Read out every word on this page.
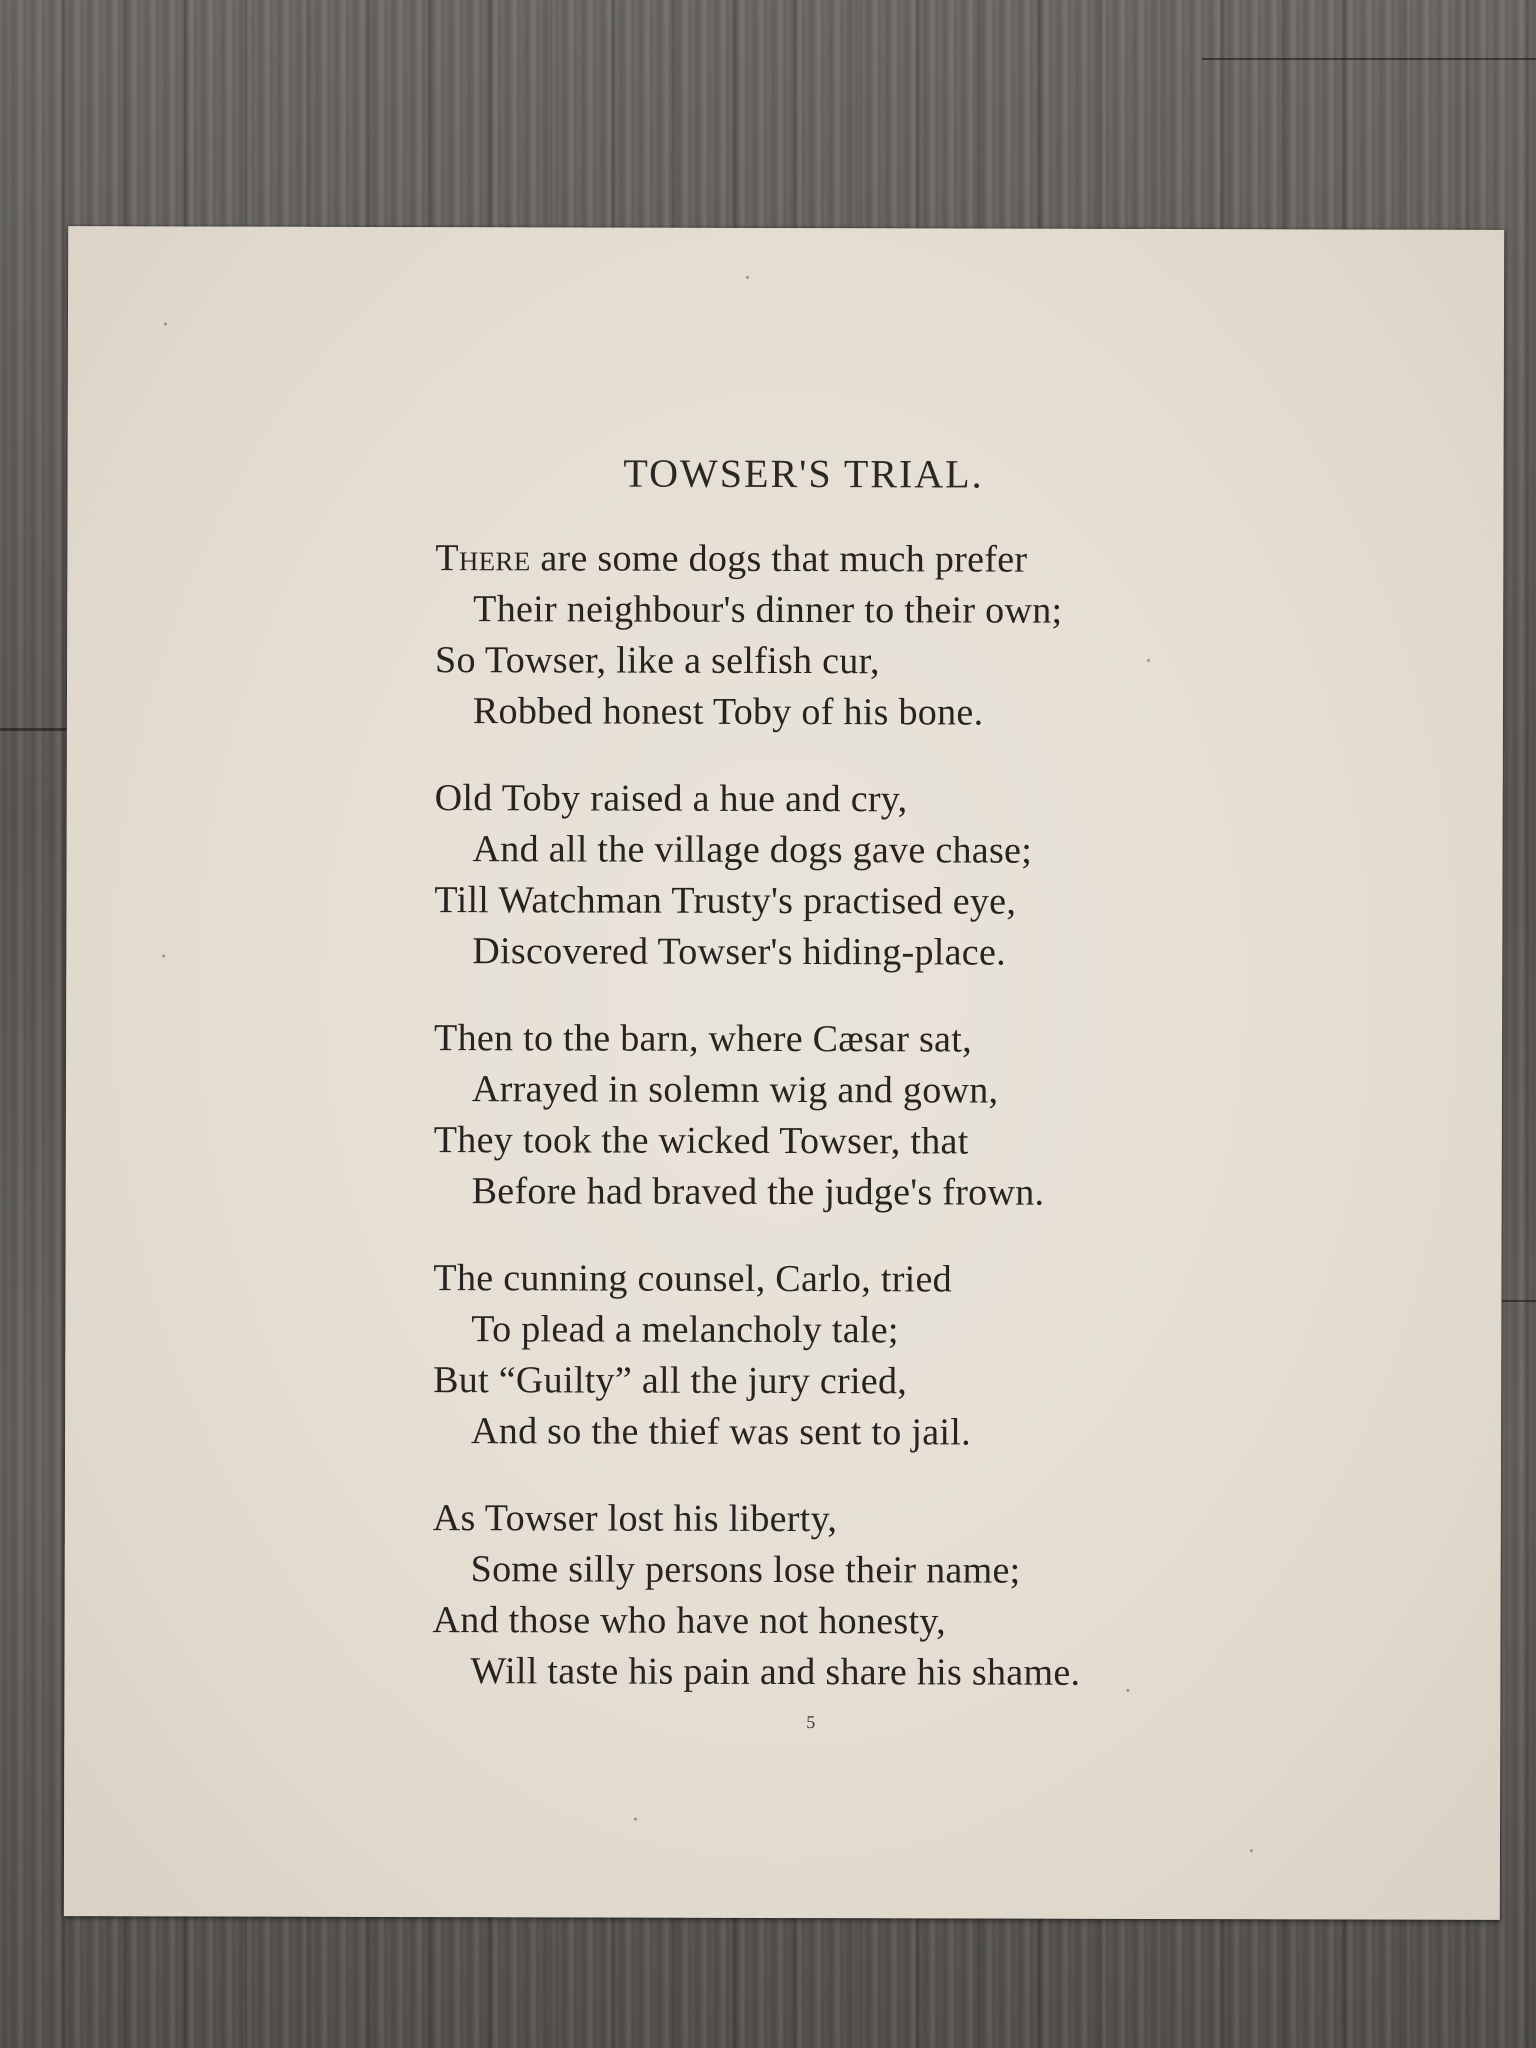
TOWSER'S TRIAL.
There are some dogs that much prefer
Their neighbour's dinner to their own;
So Towser, like a selfish cur,
Robbed honest Toby of his bone.
Old Toby raised a hue and cry,
And all the village dogs gave chase;
Till Watchman Trusty's practised eye,
Discovered Towser's hiding-place.
Then to the barn, where Cæsar sat,
Arrayed in solemn wig and gown,
They took the wicked Towser, that
Before had braved the judge's frown.
The cunning counsel, Carlo, tried
To plead a melancholy tale;
But “Guilty” all the jury cried,
And so the thief was sent to jail.
As Towser lost his liberty,
Some silly persons lose their name;
And those who have not honesty,
Will taste his pain and share his shame.
5
